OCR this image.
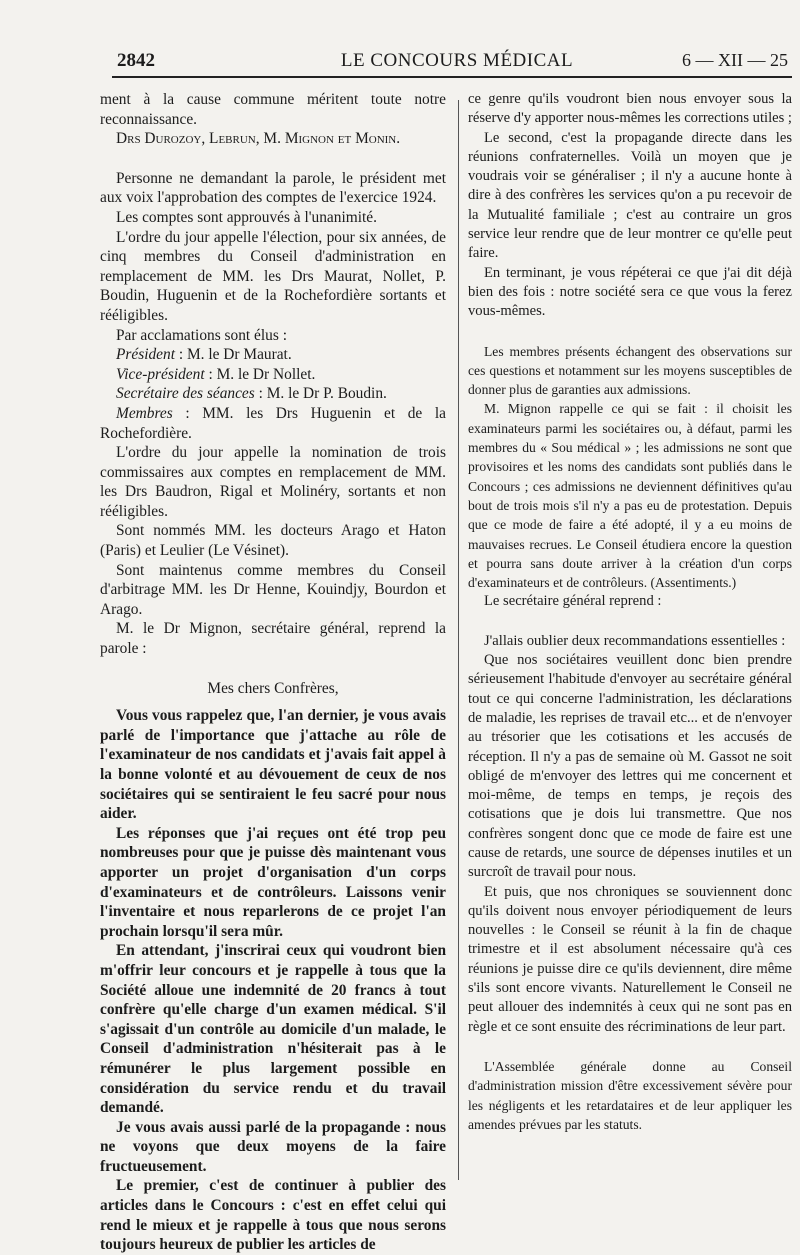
2842	LE CONCOURS MÉDICAL	6 — XII — 25

ment à la cause commune méritent toute notre reconnaissance.

Drs Durozoy, Lebrun, M. Mignon et Monin.

Personne ne demandant la parole, le président met aux voix l'approbation des comptes de l'exercice 1924.

Les comptes sont approuvés à l'unanimité.

L'ordre du jour appelle l'élection, pour six années, de cinq membres du Conseil d'administration en remplacement de MM. les Drs Maurat, Nollet, P. Boudin, Huguenin et de la Rochefordière sortants et rééligibles.

Par acclamations sont élus :

Président : M. le Dr Maurat.

Vice-président : M. le Dr Nollet.

Secrétaire des séances : M. le Dr P. Boudin.

Membres : MM. les Drs Huguenin et de la Rochefordière.

L'ordre du jour appelle la nomination de trois commissaires aux comptes en remplacement de MM. les Drs Baudron, Rigal et Molinéry, sortants et non rééligibles.

Sont nommés MM. les docteurs Arago et Haton (Paris) et Leulier (Le Vésinet).

Sont maintenus comme membres du Conseil d'arbitrage MM. les Dr Henne, Kouindjy, Bourdon et Arago.

M. le Dr Mignon, secrétaire général, reprend la parole :

Mes chers Confrères,

Vous vous rappelez que, l'an dernier, je vous avais parlé de l'importance que j'attache au rôle de l'examinateur de nos candidats et j'avais fait appel à la bonne volonté et au dévouement de ceux de nos sociétaires qui se sentiraient le feu sacré pour nous aider.

Les réponses que j'ai reçues ont été trop peu nombreuses pour que je puisse dès maintenant vous apporter un projet d'organisation d'un corps d'examinateurs et de contrôleurs. Laissons venir l'inventaire et nous reparlerons de ce projet l'an prochain lorsqu'il sera mûr.

En attendant, j'inscrirai ceux qui voudront bien m'offrir leur concours et je rappelle à tous que la Société alloue une indemnité de 20 francs à tout confrère qu'elle charge d'un examen médical. S'il s'agissait d'un contrôle au domicile d'un malade, le Conseil d'administration n'hésiterait pas à le rémunérer le plus largement possible en considération du service rendu et du travail demandé.

Je vous avais aussi parlé de la propagande : nous ne voyons que deux moyens de la faire fructueusement.

Le premier, c'est de continuer à publier des articles dans le Concours : c'est en effet celui qui rend le mieux et je rappelle à tous que nous serons toujours heureux de publier les articles de

ce genre qu'ils voudront bien nous envoyer sous la réserve d'y apporter nous-mêmes les corrections utiles ;

Le second, c'est la propagande directe dans les réunions confraternelles. Voilà un moyen que je voudrais voir se généraliser ; il n'y a aucune honte à dire à des confrères les services qu'on a pu recevoir de la Mutualité familiale ; c'est au contraire un gros service leur rendre que de leur montrer ce qu'elle peut faire.

En terminant, je vous répéterai ce que j'ai dit déjà bien des fois : notre société sera ce que vous la ferez vous-mêmes.

Les membres présents échangent des observations sur ces questions et notamment sur les moyens susceptibles de donner plus de garanties aux admissions.

M. Mignon rappelle ce qui se fait : il choisit les examinateurs parmi les sociétaires ou, à défaut, parmi les membres du « Sou médical » ; les admissions ne sont que provisoires et les noms des candidats sont publiés dans le Concours ; ces admissions ne deviennent définitives qu'au bout de trois mois s'il n'y a pas eu de protestation. Depuis que ce mode de faire a été adopté, il y a eu moins de mauvaises recrues. Le Conseil étudiera encore la question et pourra sans doute arriver à la création d'un corps d'examinateurs et de contrôleurs. (Assentiments.)

Le secrétaire général reprend :

J'allais oublier deux recommandations essentielles :

Que nos sociétaires veuillent donc bien prendre sérieusement l'habitude d'envoyer au secrétaire général tout ce qui concerne l'administration, les déclarations de maladie, les reprises de travail etc... et de n'envoyer au trésorier que les cotisations et les accusés de réception. Il n'y a pas de semaine où M. Gassot ne soit obligé de m'envoyer des lettres qui me concernent et moi-même, de temps en temps, je reçois des cotisations que je dois lui transmettre. Que nos confrères songent donc que ce mode de faire est une cause de retards, une source de dépenses inutiles et un surcroît de travail pour nous.

Et puis, que nos chroniques se souviennent donc qu'ils doivent nous envoyer périodiquement de leurs nouvelles : le Conseil se réunit à la fin de chaque trimestre et il est absolument nécessaire qu'à ces réunions je puisse dire ce qu'ils deviennent, dire même s'ils sont encore vivants. Naturellement le Conseil ne peut allouer des indemnités à ceux qui ne sont pas en règle et ce sont ensuite des récriminations de leur part.

L'Assemblée générale donne au Conseil d'administration mission d'être excessivement sévère pour les négligents et les retardataires et de leur appliquer les amendes prévues par les statuts.
